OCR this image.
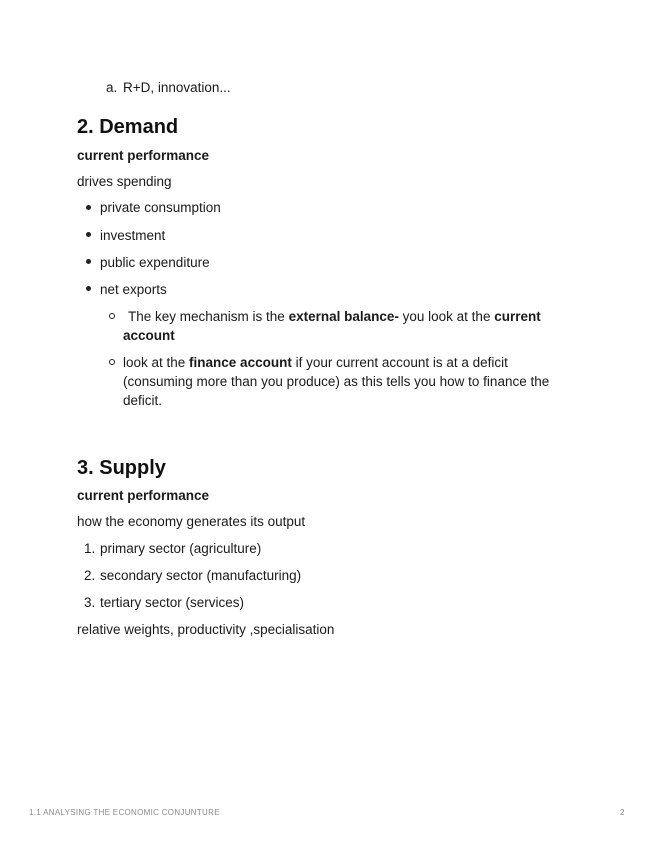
a. R+D, innovation...

2. Demand

current performance

drives spending

private consumption

investment

public expenditure

net exports

The key mechanism is the external balance- you look at the current

account

look at the finance account if your current account is at a deficit

(consuming more than you produce) as this tells you how to finance the

deficit.

3. Supply

current performance

how the economy generates its output

1. primary sector (agriculture)

2. secondary sector (manufacturing)

3. tertiary sector (services)

relative weights, productivity ,specialisation

1.1 ANALYSING THE ECONOMIC CONJUNTURE	2
